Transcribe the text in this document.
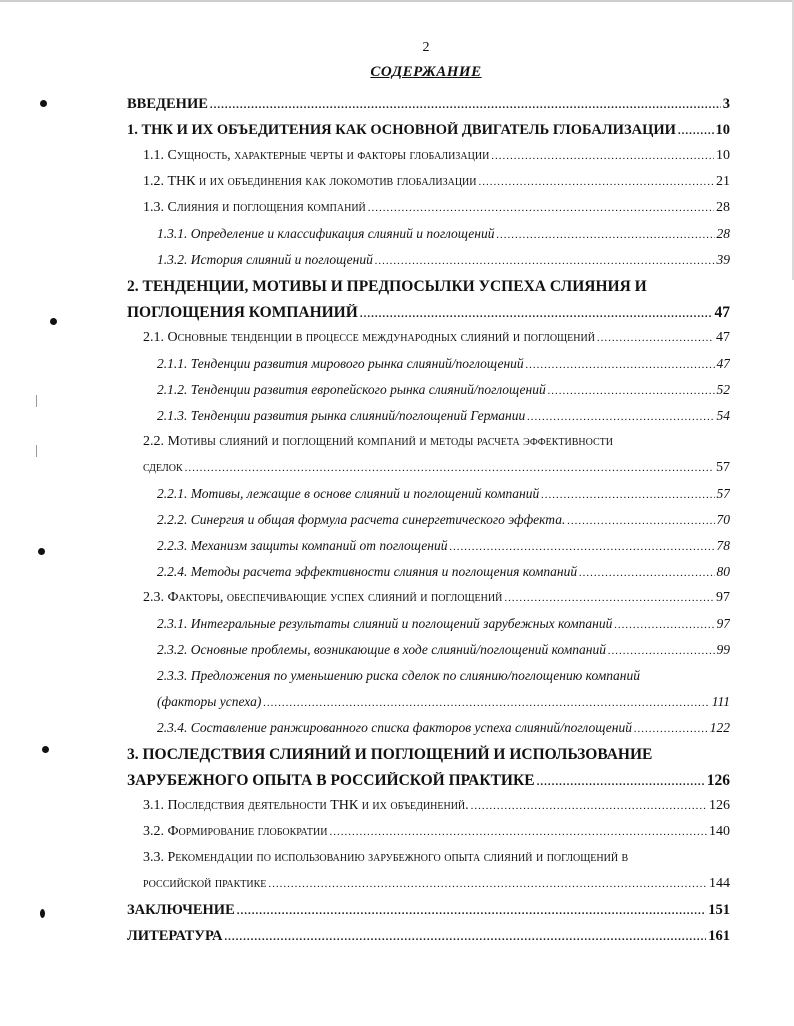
2
СОДЕРЖАНИЕ
ВВЕДЕНИЕ .....	3
1. ТНК И ИХ ОБЪЕДИТЕНИЯ КАК ОСНОВНОЙ ДВИГАТЕЛЬ ГЛОБАЛИЗАЦИИ .....	10
1.1. Сущность, характерные черты и факторы глобализации .....	10
1.2. ТНК и их объединения как локомотив глобализации .....	21
1.3. Слияния и поглощения компаний .....	28
1.3.1. Определение и классификация слияний и поглощений .....	28
1.3.2. История слияний и поглощений .....	39
2. ТЕНДЕНЦИИ, МОТИВЫ И ПРЕДПОСЫЛКИ УСПЕХА СЛИЯНИЯ И
ПОГЛОЩЕНИЯ КОМПАНИИЙ .....	47
2.1. Основные тенденции в процессе международных слияний и поглощений .....	47
2.1.1. Тенденции развития мирового рынка слияний/поглощений .....	47
2.1.2. Тенденции развития европейского рынка слияний/поглощений .....	52
2.1.3. Тенденции развития рынка слияний/поглощений Германии .....	54
2.2. Мотивы слияний и поглощений компаний и методы расчета эффективности
сделок .....	57
2.2.1. Мотивы, лежащие в основе слияний и поглощений компаний .....	57
2.2.2. Синергия и общая формула расчета синергетического эффекта. .....	70
2.2.3. Механизм защиты компаний от поглощений .....	78
2.2.4. Методы расчета эффективности слияния и поглощения компаний .....	80
2.3. Факторы, обеспечивающие успех слияний и поглощений .....	97
2.3.1. Интегральные результаты слияний и поглощений зарубежных компаний .....	97
2.3.2. Основные проблемы, возникающие в ходе слияний/поглощений компаний .....	99
2.3.3. Предложения по уменьшению риска сделок по слиянию/поглощению компаний
(факторы успеха) .....	111
2.3.4. Составление ранжированного списка факторов успеха слияний/поглощений .....	122
3. ПОСЛЕДСТВИЯ СЛИЯНИЙ И ПОГЛОЩЕНИЙ И ИСПОЛЬЗОВАНИЕ
ЗАРУБЕЖНОГО ОПЫТА В РОССИЙСКОЙ ПРАКТИКЕ .....	126
3.1. Последствия деятельности ТНК и их объединений. .....	126
3.2. Формирование глобократии .....	140
3.3. Рекомендации по использованию зарубежного опыта слияний и поглощений в
российской практике .....	144
ЗАКЛЮЧЕНИЕ .....	151
ЛИТЕРАТУРА .....	161
